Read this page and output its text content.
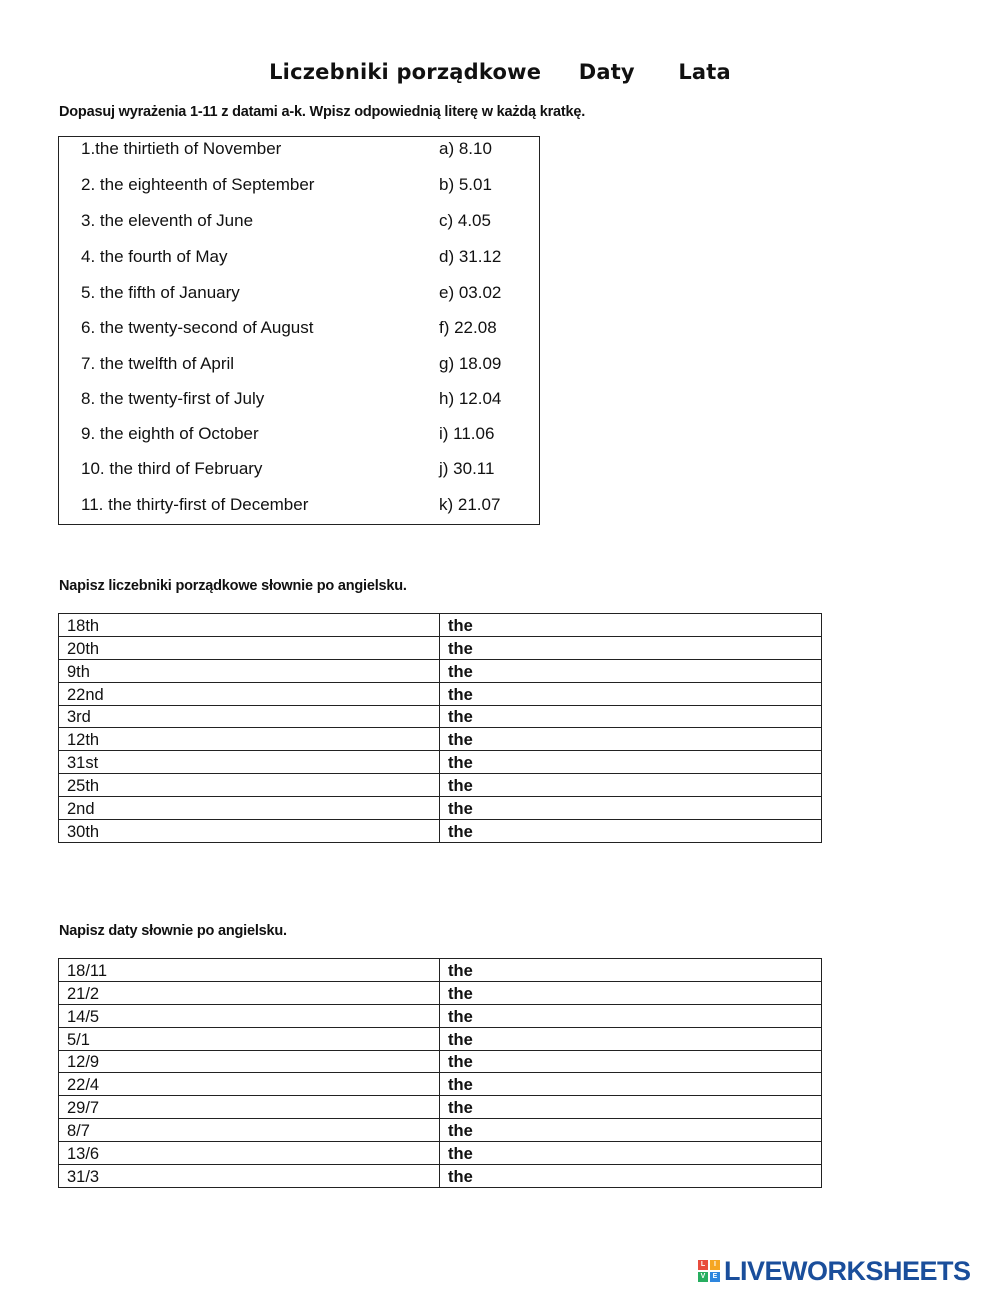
Liczebniki porządkowe Daty Lata
Dopasuj wyrażenia 1-11 z datami a-k. Wpisz odpowiednią literę w każdą kratkę.
1.the thirtieth of November	a) 8.10
2. the eighteenth of September	b) 5.01
3. the eleventh of June	c) 4.05
4. the fourth of May	d) 31.12
5. the fifth of January	e) 03.02
6. the twenty-second of August	f) 22.08
7. the twelfth of April	g) 18.09
8. the twenty-first of July	h) 12.04
9. the eighth of October	i) 11.06
10. the third of February	j) 30.11
11. the thirty-first of December	k) 21.07
Napisz liczebniki porządkowe słownie po angielsku.
18th	the
20th	the
9th	the
22nd	the
3rd	the
12th	the
31st	the
25th	the
2nd	the
30th	the
Napisz daty słownie po angielsku.
18/11	the
21/2	the
14/5	the
5/1	the
12/9	the
22/4	the
29/7	the
8/7	the
13/6	the
31/3	the
L	I
V	E LIVEWORKSHEETS
